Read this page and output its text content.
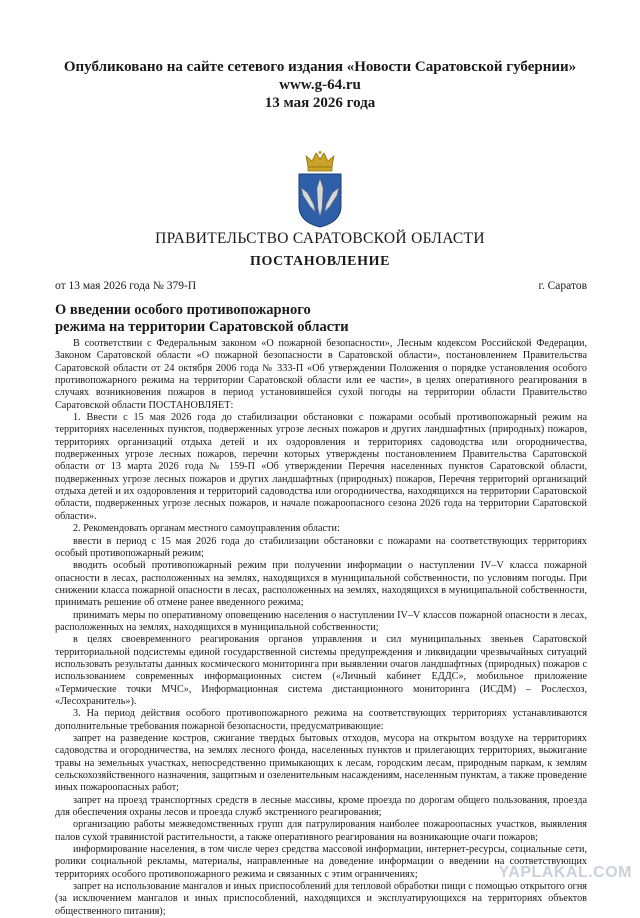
Опубликовано на сайте сетевого издания «Новости Саратовской губернии»
www.g-64.ru
13 мая 2026 года
ПРАВИТЕЛЬСТВО САРАТОВСКОЙ ОБЛАСТИ
ПОСТАНОВЛЕНИЕ
от 13 мая 2026 года № 379-П	г. Саратов
О введении особого противопожарного
режима на территории Саратовской области

В соответствии с Федеральным законом «О пожарной безопасности», Лесным кодексом Российской Федерации, Законом Саратовской области «О пожарной безопасности в Саратовской области», постановлением Правительства Саратовской области от 24 октября 2006 года № 333-П «Об утверждении Положения о порядке установления особого противопожарного режима на территории Саратовской области или ее части», в целях оперативного реагирования в случаях возникновения пожаров в период установившейся сухой погоды на территории области Правительство Саратовской области ПОСТАНОВЛЯЕТ:

1. Ввести с 15 мая 2026 года до стабилизации обстановки с пожарами особый противопожарный режим на территориях населенных пунктов, подверженных угрозе лесных пожаров и других ландшафтных (природных) пожаров, территориях организаций отдыха детей и их оздоровления и территориях садоводства или огородничества, подверженных угрозе лесных пожаров, перечни которых утверждены постановлением Правительства Саратовской области от 13 марта 2026 года № 159-П «Об утверждении Перечня населенных пунктов Саратовской области, подверженных угрозе лесных пожаров и других ландшафтных (природных) пожаров, Перечня территорий организаций отдыха детей и их оздоровления и территорий садоводства или огородничества, находящихся на территории Саратовской области, подверженных угрозе лесных пожаров, и начале пожароопасного сезона 2026 года на территории Саратовской области».

2. Рекомендовать органам местного самоуправления области:

ввести в период с 15 мая 2026 года до стабилизации обстановки с пожарами на соответствующих территориях особый противопожарный режим;

вводить особый противопожарный режим при получении информации о наступлении IV–V класса пожарной опасности в лесах, расположенных на землях, находящихся в муниципальной собственности, по условиям погоды. При снижении класса пожарной опасности в лесах, расположенных на землях, находящихся в муниципальной собственности, принимать решение об отмене ранее введенного режима;

принимать меры по оперативному оповещению населения о наступлении IV–V классов пожарной опасности в лесах, расположенных на землях, находящихся в муниципальной собственности;

в целях своевременного реагирования органов управления и сил муниципальных звеньев Саратовской территориальной подсистемы единой государственной системы предупреждения и ликвидации чрезвычайных ситуаций использовать результаты данных космического мониторинга при выявлении очагов ландшафтных (природных) пожаров с использованием современных информационных систем («Личный кабинет ЕДДС», мобильное приложение «Термические точки МЧС», Информационная система дистанционного мониторинга (ИСДМ) – Рослесхоз, «Лесохранитель»).

3. На период действия особого противопожарного режима на соответствующих территориях устанавливаются дополнительные требования пожарной безопасности, предусматривающие:

запрет на разведение костров, сжигание твердых бытовых отходов, мусора на открытом воздухе на территориях садоводства и огородничества, на землях лесного фонда, населенных пунктов и прилегающих территориях, выжигание травы на земельных участках, непосредственно примыкающих к лесам, городским лесам, природным паркам, к землям сельскохозяйственного назначения, защитным и озеленительным насаждениям, населенным пунктам, а также проведение иных пожароопасных работ;

запрет на проезд транспортных средств в лесные массивы, кроме проезда по дорогам общего пользования, проезда для обеспечения охраны лесов и проезда служб экстренного реагирования;

организацию работы межведомственных групп для патрулирования наиболее пожароопасных участков, выявления палов сухой травянистой растительности, а также оперативного реагирования на возникающие очаги пожаров;

информирование населения, в том числе через средства массовой информации, интернет-ресурсы, социальные сети, ролики социальной рекламы, материалы, направленные на доведение информации о введении на соответствующих территориях особого противопожарного режима и связанных с этим ограничениях;

запрет на использование мангалов и иных приспособлений для тепловой обработки пищи с помощью открытого огня (за исключением мангалов и иных приспособлений, находящихся и эксплуатирующихся на территориях объектов общественного питания);

YAPLAKAL.COM
